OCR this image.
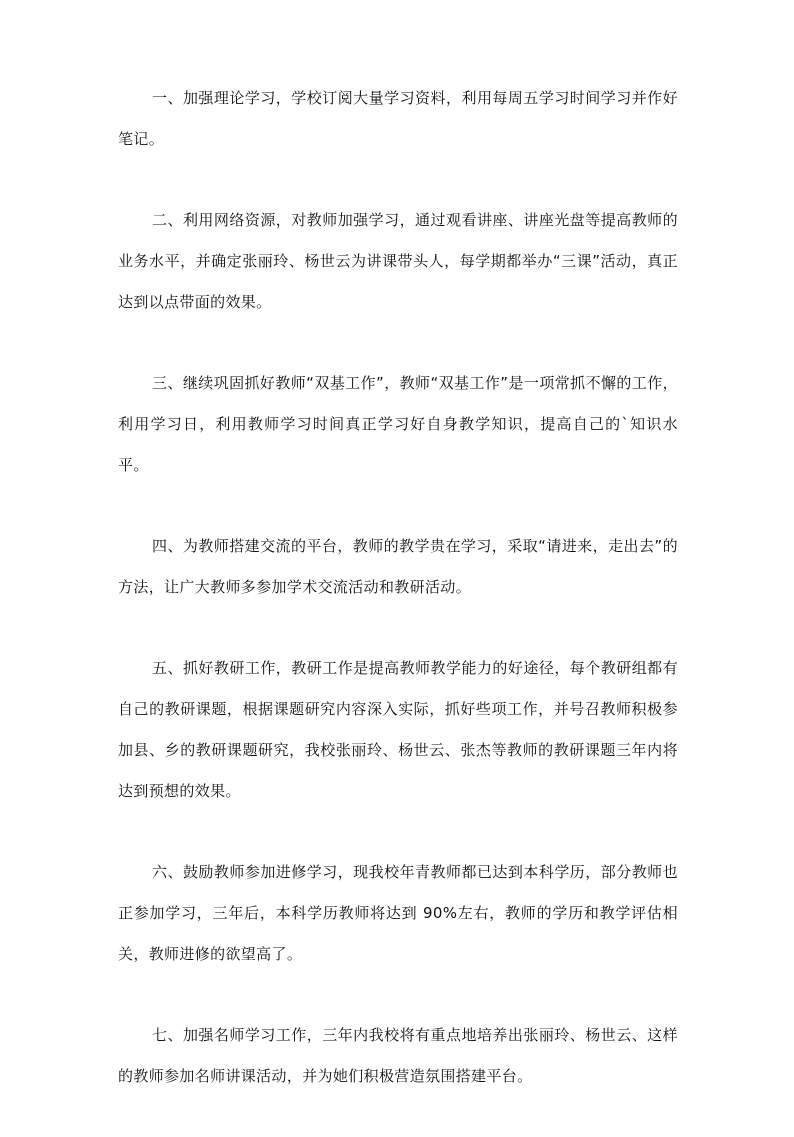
一、加强理论学习，学校订阅大量学习资料，利用每周五学习时间学习并作好笔记。

二、利用网络资源，对教师加强学习，通过观看讲座、讲座光盘等提高教师的业务水平，并确定张丽玲、杨世云为讲课带头人，每学期都举办“三课”活动，真正达到以点带面的效果。

三、继续巩固抓好教师“双基工作”，教师“双基工作”是一项常抓不懈的工作，利用学习日，利用教师学习时间真正学习好自身教学知识，提高自己的`知识水平。

四、为教师搭建交流的平台，教师的教学贵在学习，采取“请进来，走出去”的方法，让广大教师多参加学术交流活动和教研活动。

五、抓好教研工作，教研工作是提高教师教学能力的好途径，每个教研组都有自己的教研课题，根据课题研究内容深入实际，抓好些项工作，并号召教师积极参加县、乡的教研课题研究，我校张丽玲、杨世云、张杰等教师的教研课题三年内将达到预想的效果。

六、鼓励教师参加进修学习，现我校年青教师都已达到本科学历，部分教师也正参加学习，三年后，本科学历教师将达到 90%左右，教师的学历和教学评估相关，教师进修的欲望高了。

七、加强名师学习工作，三年内我校将有重点地培养出张丽玲、杨世云、这样的教师参加名师讲课活动，并为她们积极营造氛围搭建平台。
